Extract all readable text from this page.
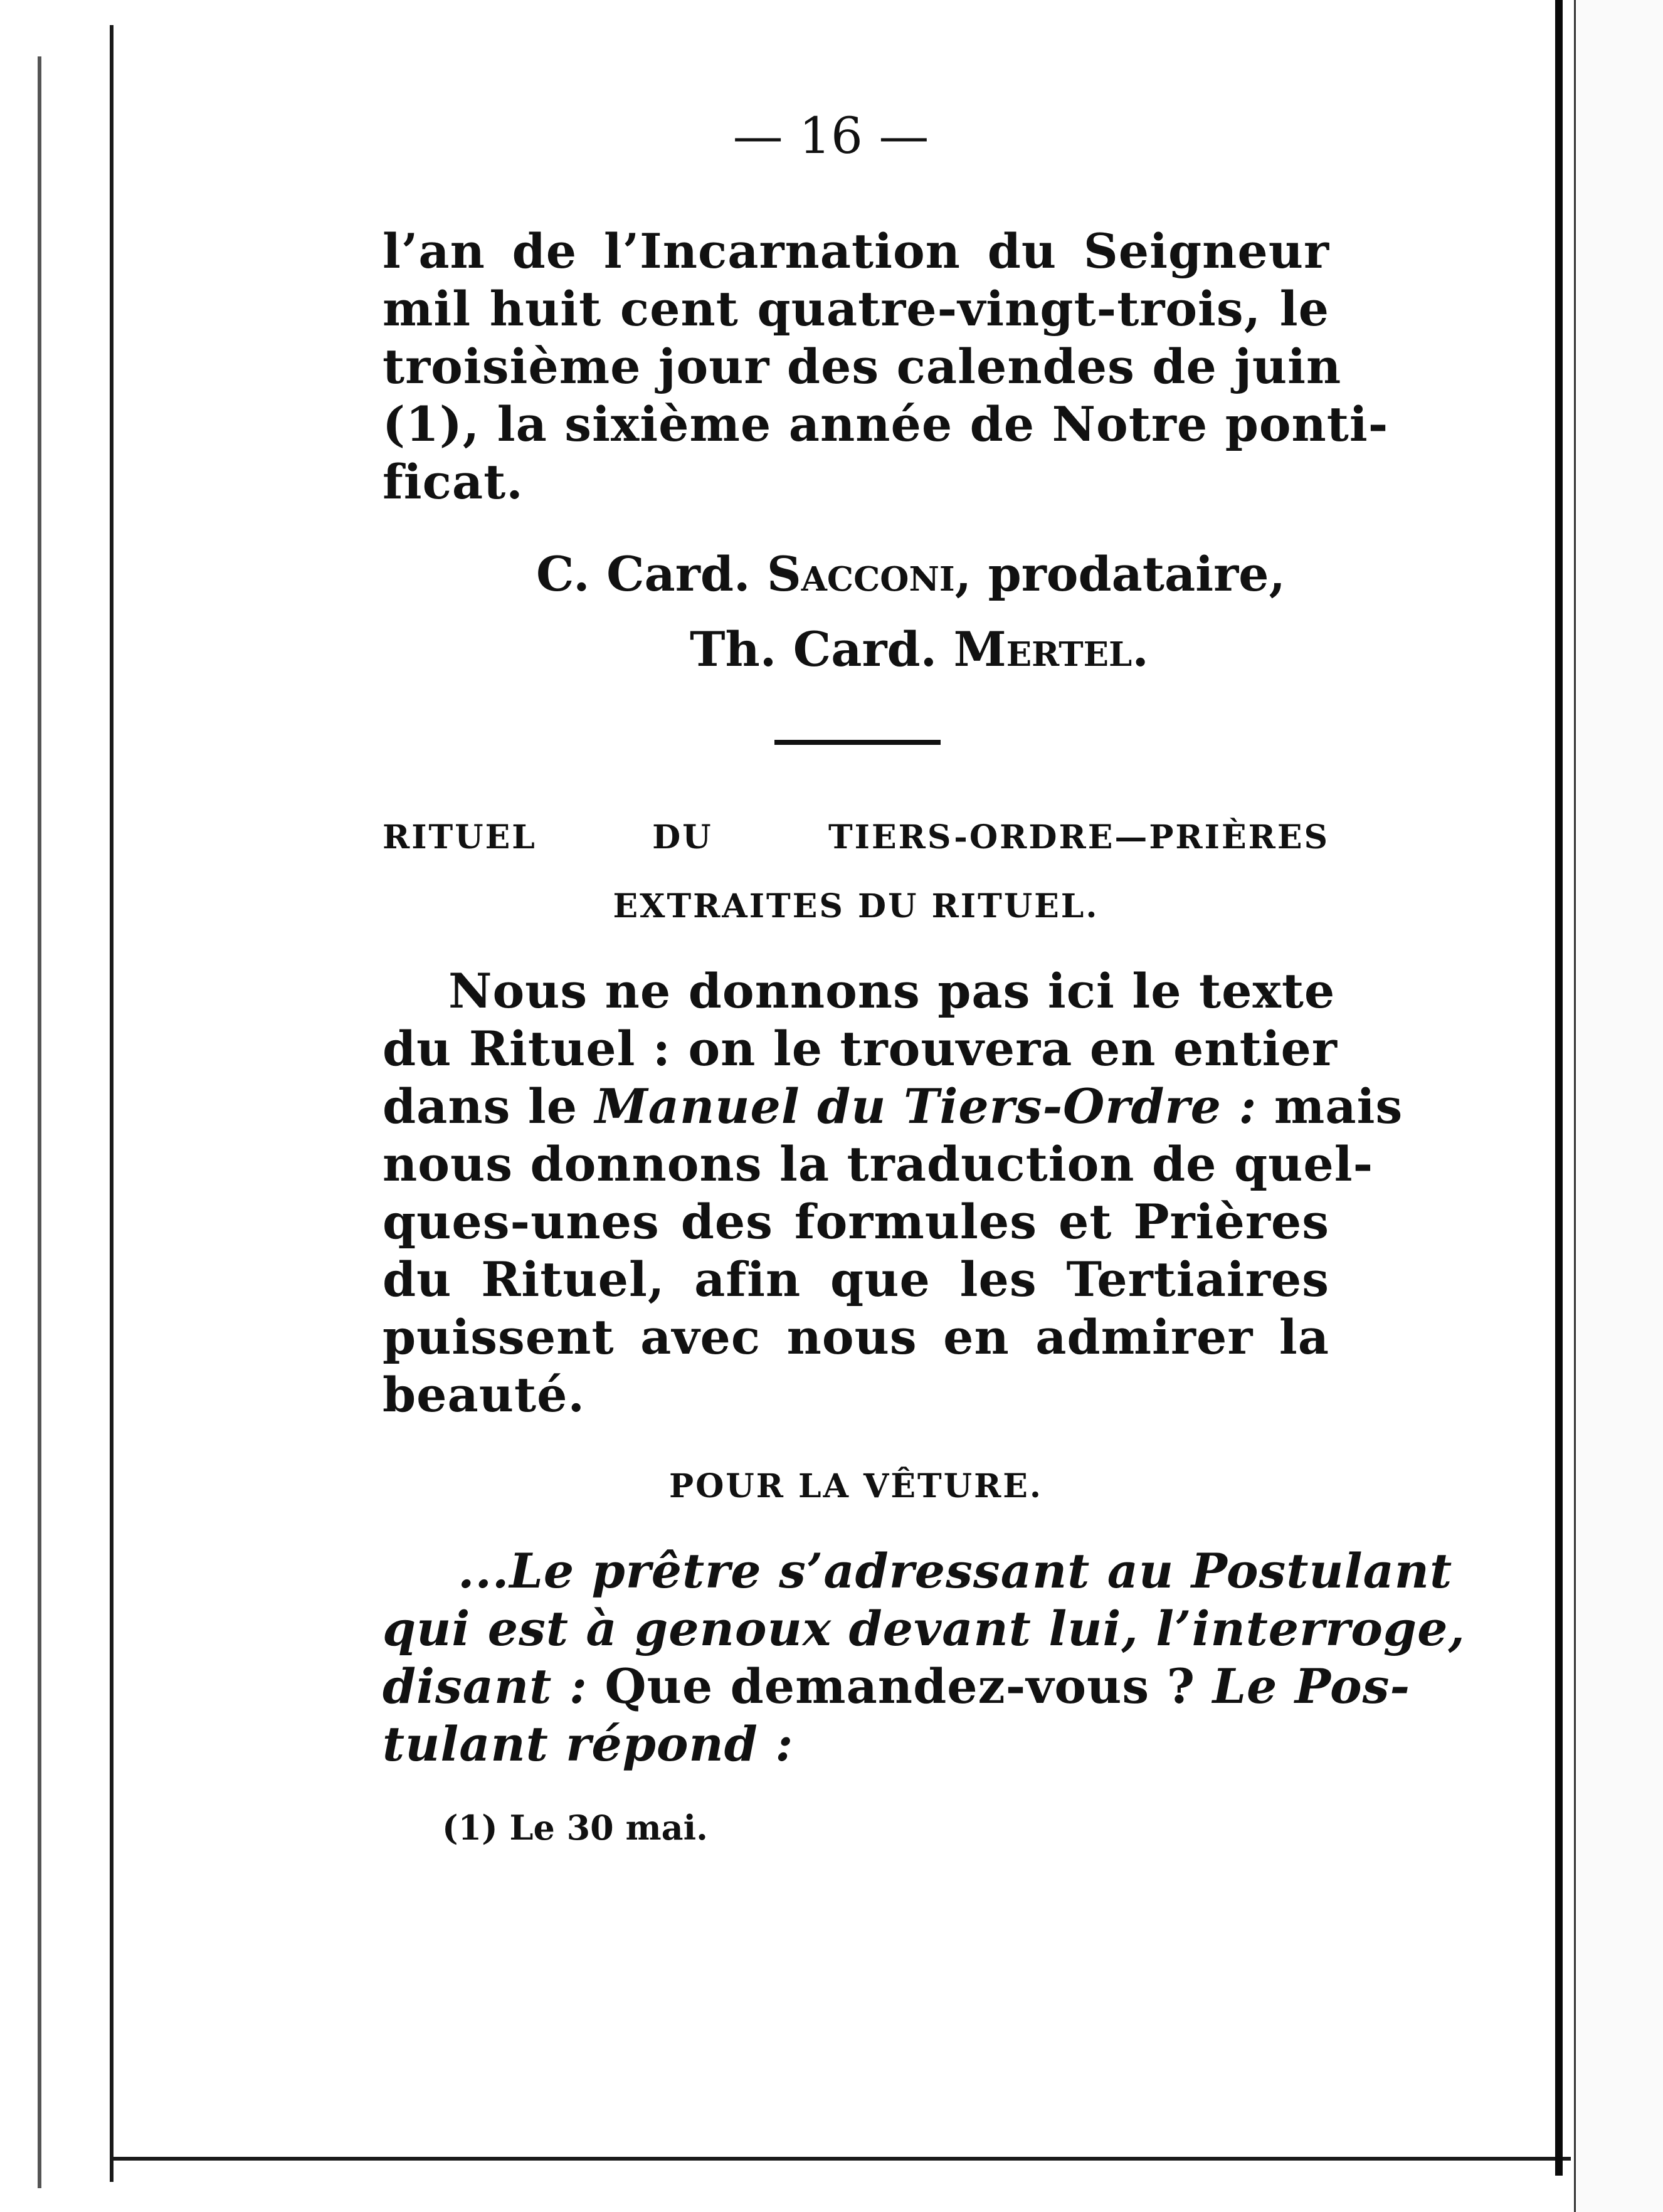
— 16 —

l’an de l’Incarnation du Seigneur
mil huit cent quatre-vingt-trois, le
troisième jour des calendes de juin
(1), la sixième année de Notre ponti-
ficat.

C. Card. Sacconi, prodataire,
Th. Card. Mertel.
RITUEL DU TIERS-ORDRE—PRIÈRES
EXTRAITES DU RITUEL.

Nous ne donnons pas ici le texte
du Rituel : on le trouvera en entier
dans le Manuel du Tiers-Ordre : mais
nous donnons la traduction de quel-
ques-unes des formules et Prières
du Rituel, afin que les Tertiaires
puissent avec nous en admirer la
beauté.

POUR LA VÊTURE.

...Le prêtre s’adressant au Postulant
qui est à genoux devant lui, l’interroge,
disant : Que demandez-vous ? Le Pos-
tulant répond :

(1) Le 30 mai.
